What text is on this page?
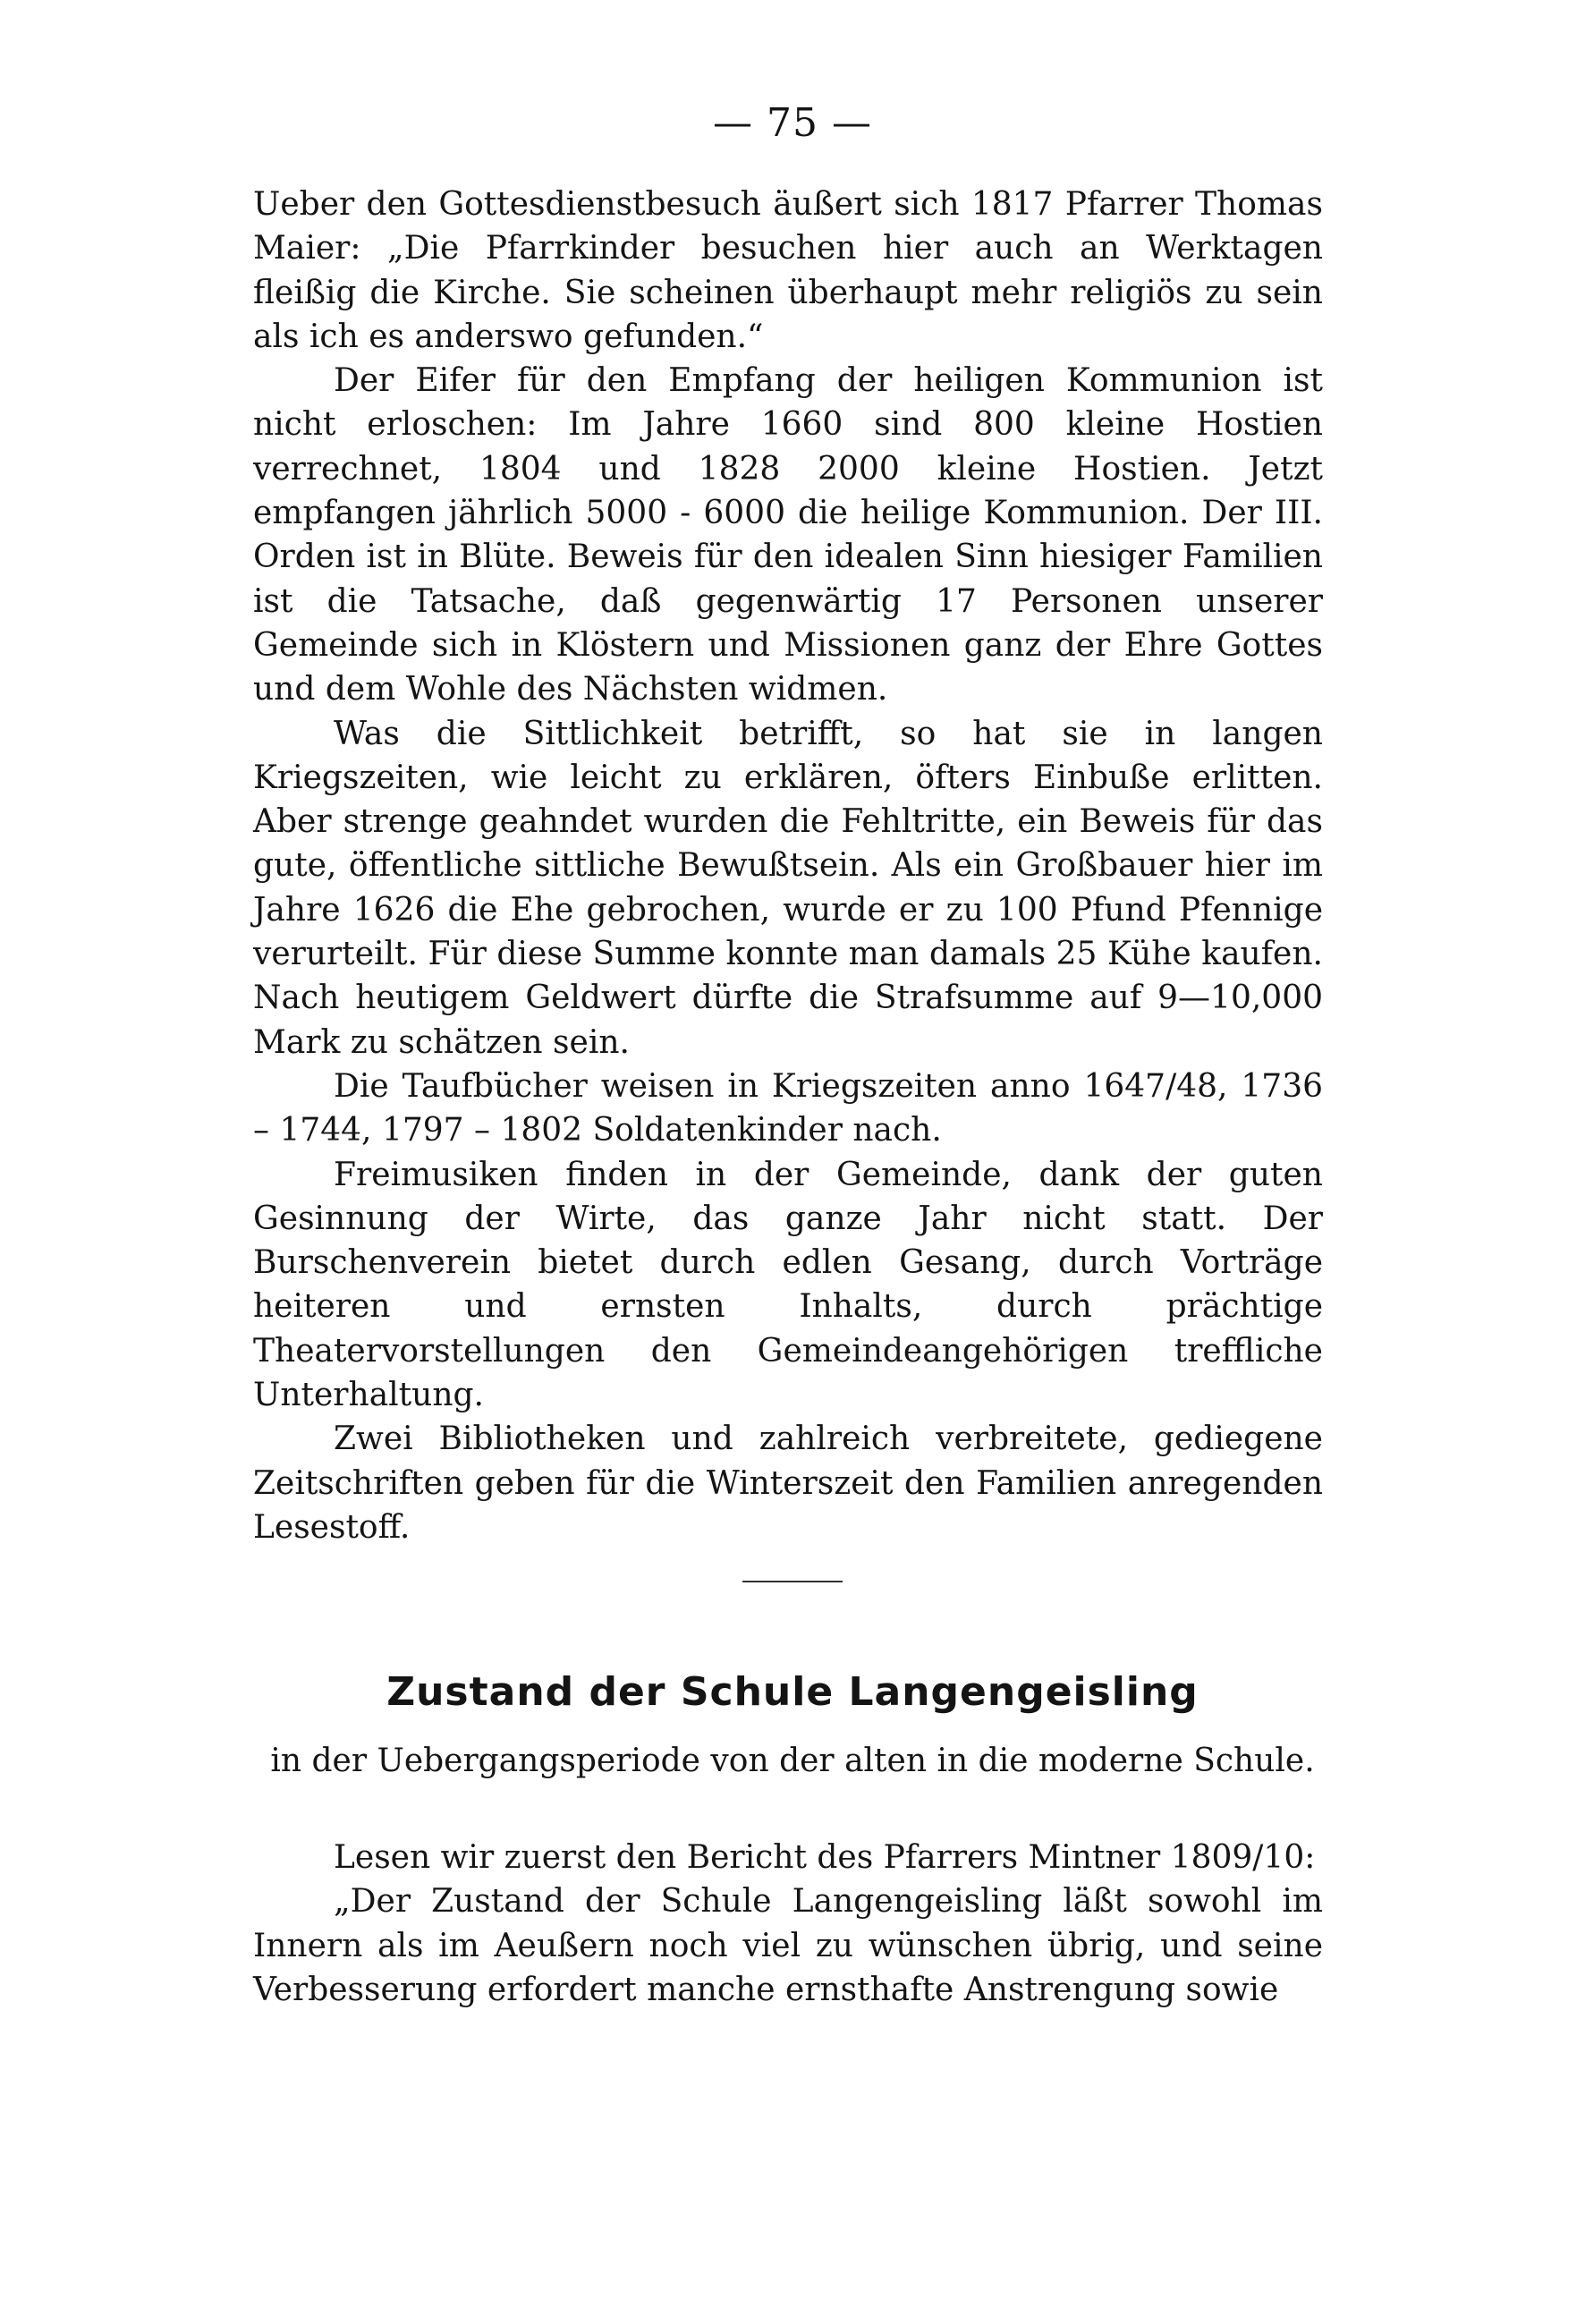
— 75 —

Ueber den Gottesdienstbesuch äußert sich 1817 Pfarrer Thomas Maier: „Die Pfarrkinder besuchen hier auch an Werktagen fleißig die Kirche. Sie scheinen überhaupt mehr religiös zu sein als ich es anderswo gefunden.“

Der Eifer für den Empfang der heiligen Kommunion ist nicht erloschen: Im Jahre 1660 sind 800 kleine Hostien verrechnet, 1804 und 1828 2000 kleine Hostien. Jetzt empfangen jährlich 5000 - 6000 die heilige Kommunion. Der III. Orden ist in Blüte. Beweis für den idealen Sinn hiesiger Familien ist die Tatsache, daß gegenwärtig 17 Personen unserer Gemeinde sich in Klöstern und Missionen ganz der Ehre Gottes und dem Wohle des Nächsten widmen.

Was die Sittlichkeit betrifft, so hat sie in langen Kriegszeiten, wie leicht zu erklären, öfters Einbuße erlitten. Aber strenge geahndet wurden die Fehltritte, ein Beweis für das gute, öffentliche sittliche Bewußtsein. Als ein Großbauer hier im Jahre 1626 die Ehe gebrochen, wurde er zu 100 Pfund Pfennige verurteilt. Für diese Summe konnte man damals 25 Kühe kaufen. Nach heutigem Geldwert dürfte die Strafsumme auf 9—10,000 Mark zu schätzen sein.

Die Taufbücher weisen in Kriegszeiten anno 1647/48, 1736 – 1744, 1797 – 1802 Soldatenkinder nach.

Freimusiken finden in der Gemeinde, dank der guten Gesinnung der Wirte, das ganze Jahr nicht statt. Der Burschenverein bietet durch edlen Gesang, durch Vorträge heiteren und ernsten Inhalts, durch prächtige Theatervorstellungen den Gemeindeangehörigen treffliche Unterhaltung.

Zwei Bibliotheken und zahlreich verbreitete, gediegene Zeitschriften geben für die Winterszeit den Familien anregenden Lesestoff.

Zustand der Schule Langengeisling
in der Uebergangsperiode von der alten in die moderne Schule.

Lesen wir zuerst den Bericht des Pfarrers Mintner 1809/10:

„Der Zustand der Schule Langengeisling läßt sowohl im Innern als im Aeußern noch viel zu wünschen übrig, und seine Verbesserung erfordert manche ernsthafte Anstrengung sowie
